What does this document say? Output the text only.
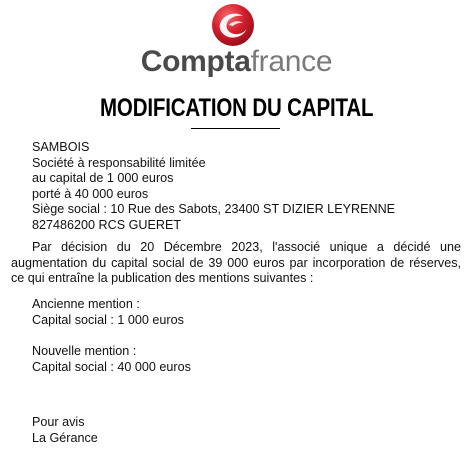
Comptafrance
MODIFICATION DU CAPITAL
SAMBOIS
Société à responsabilité limitée
au capital de 1 000 euros
porté à 40 000 euros
Siège social : 10 Rue des Sabots, 23400 ST DIZIER LEYRENNE
827486200 RCS GUERET
Par décision du 20 Décembre 2023, l'associé unique a décidé une augmentation du capital social de 39 000 euros par incorporation de réserves, ce qui entraîne la publication des mentions suivantes :
Ancienne mention :
Capital social : 1 000 euros
Nouvelle mention :
Capital social : 40 000 euros
Pour avis
La Gérance
